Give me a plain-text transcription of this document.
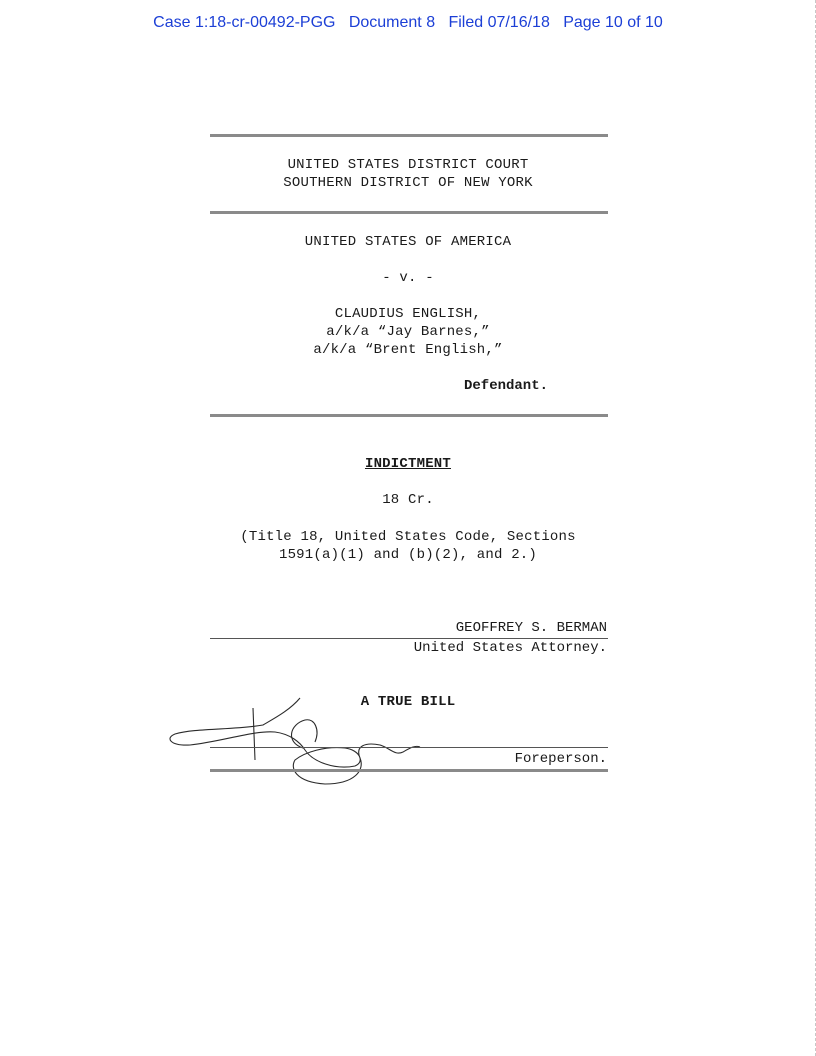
Case 1:18-cr-00492-PGG Document 8 Filed 07/16/18 Page 10 of 10
UNITED STATES DISTRICT COURT
SOUTHERN DISTRICT OF NEW YORK
UNITED STATES OF AMERICA
- v. -
CLAUDIUS ENGLISH,
a/k/a “Jay Barnes,”
a/k/a “Brent English,”
Defendant.
INDICTMENT
18 Cr.
(Title 18, United States Code, Sections
1591(a)(1) and (b)(2), and 2.)
GEOFFREY S. BERMAN
United States Attorney.
A TRUE BILL
Foreperson.
